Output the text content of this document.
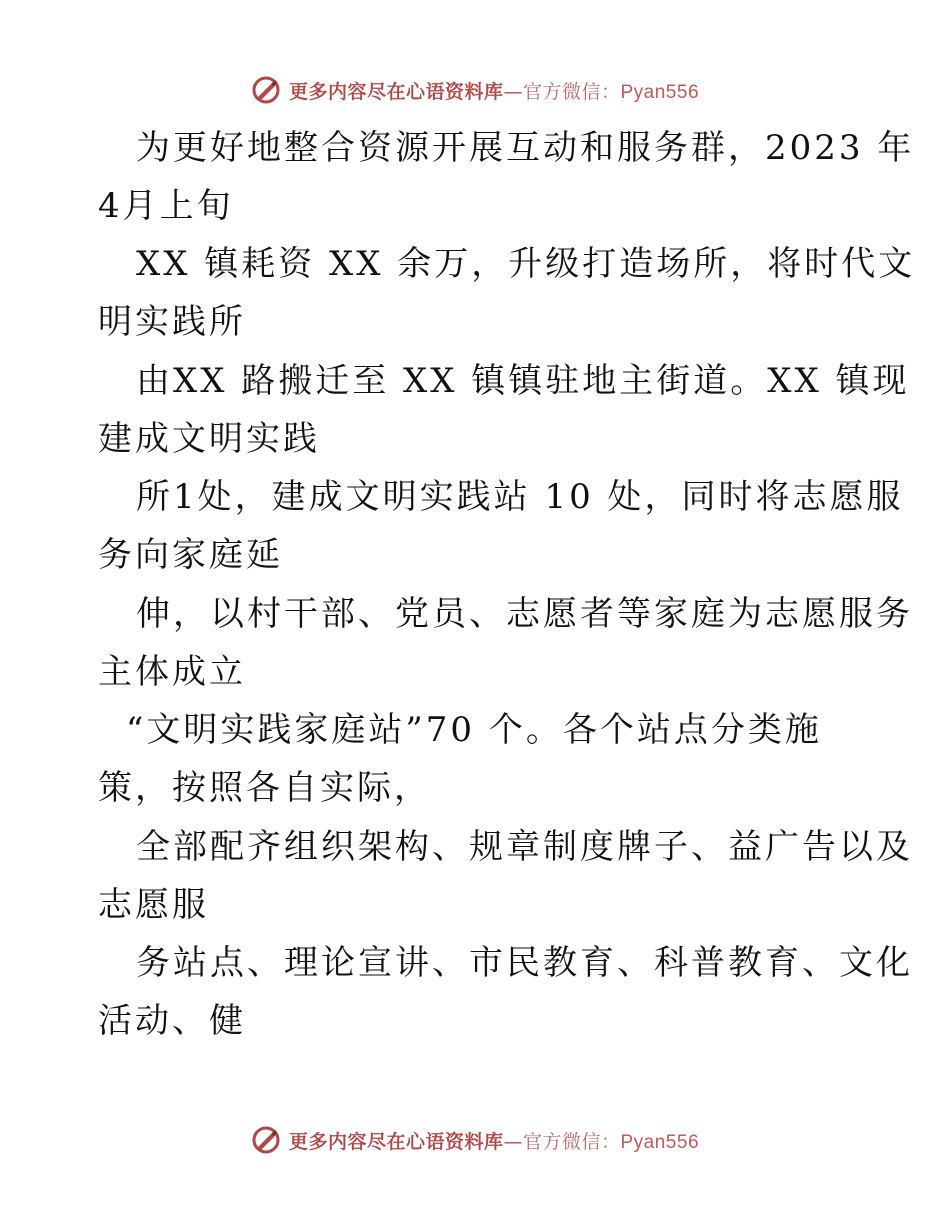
更多内容尽在心语资料库—官方微信：Pyan556
为更好地整合资源开展互动和服务群，2023 年
4月上旬
XX 镇耗资 XX 余万，升级打造场所，将时代文
明实践所
由XX 路搬迁至 XX 镇镇驻地主街道。XX 镇现
建成文明实践
所1处，建成文明实践站 10 处，同时将志愿服
务向家庭延
伸，以村干部、党员、志愿者等家庭为志愿服务
主体成立
“文明实践家庭站”70 个。各个站点分类施
策，按照各自实际，
全部配齐组织架构、规章制度牌子、益广告以及
志愿服
务站点、理论宣讲、市民教育、科普教育、文化
活动、健
更多内容尽在心语资料库—官方微信：Pyan556
